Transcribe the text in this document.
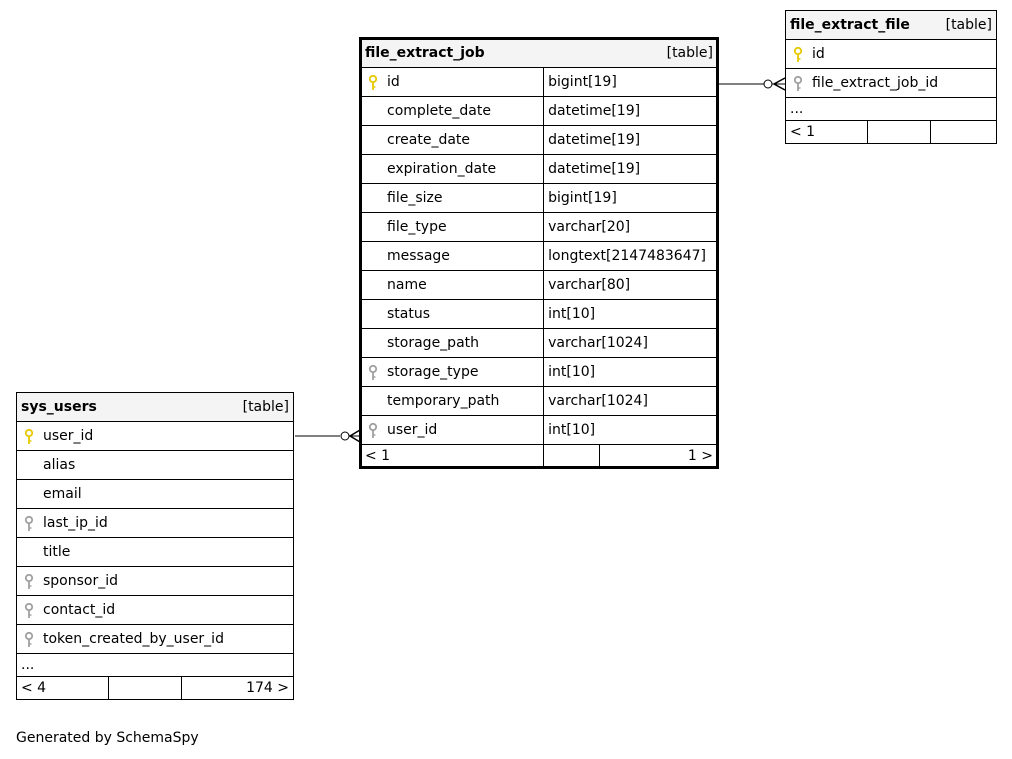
file_extract_job [table]		

id	bigint[19]	
complete_date	datetime[19]	
create_date	datetime[19]	
expiration_date	datetime[19]	
file_size	bigint[19]	
file_type	varchar[20]	
message	longtext[2147483647]	
name	varchar[80]	
status	int[10]	
storage_path	varchar[1024]	

storage_type	int[10]	
temporary_path	varchar[1024]	

user_id	int[10]	
< 1		1 >
file_extract_file	[table]

id

file_extract_job_id
...
< 1		
sys_users	[table]

user_id
alias
email

last_ip_id
title

sponsor_id

contact_id

token_created_by_user_id
...
< 4		174 >
Generated by SchemaSpy
